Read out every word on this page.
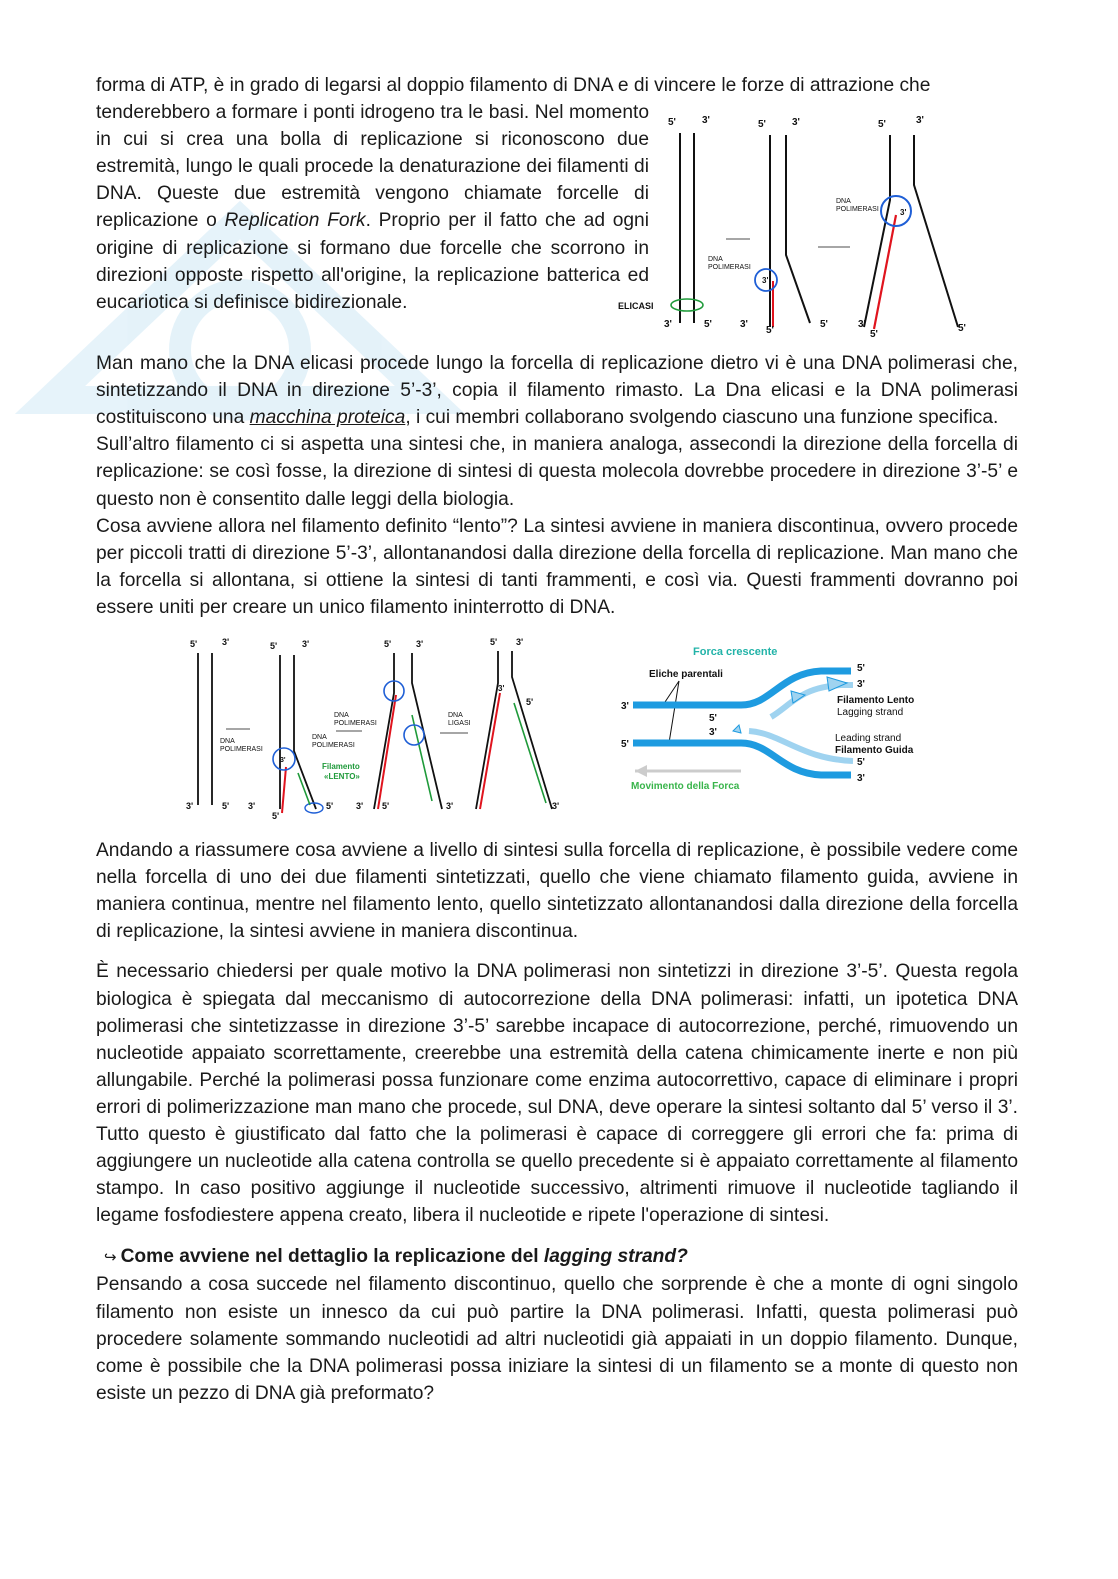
forma di ATP, è in grado di legarsi al doppio filamento di DNA e di vincere le forze di attrazione che

tenderebbero a formare i ponti idrogeno tra le basi. Nel momento in cui si crea una bolla di replicazione si riconoscono due estremità, lungo le quali procede la denaturazione dei filamenti di DNA. Queste due estremità vengono chiamate forcelle di replicazione o Replication Fork. Proprio per il fatto che ad ogni origine di replicazione si formano due forcelle che scorrono in direzioni opposte rispetto all'origine, la replicazione batterica ed eucariotica si definisce bidirezionale.

5'	3'
ELICASI
3'	5'
5'	3'
3'
DNA
POLIMERASI
3'
5'
5'
5'	3'
3'
DNA
POLIMERASI
3'
5'
5'

Man mano che la DNA elicasi procede lungo la forcella di replicazione dietro vi è una DNA polimerasi che, sintetizzando il DNA in direzione 5’-3’, copia il filamento rimasto. La Dna elicasi e la DNA polimerasi costituiscono una macchina proteica, i cui membri collaborano svolgendo ciascuno una funzione specifica.

Sull’altro filamento ci si aspetta una sintesi che, in maniera analoga, assecondi la direzione della forcella di replicazione: se così fosse, la direzione di sintesi di questa molecola dovrebbe procedere in direzione 3’-5’ e questo non è consentito dalle leggi della biologia.

Cosa avviene allora nel filamento definito “lento”? La sintesi avviene in maniera discontinua, ovvero procede per piccoli tratti di direzione 5’-3’, allontanandosi dalla direzione della forcella di replicazione. Man mano che la forcella si allontana, si ottiene la sintesi di tanti frammenti, e così via. Questi frammenti dovranno poi essere uniti per creare un unico filamento ininterrotto di DNA.

5'	3'
3'	5'
DNA
POLIMERASI
5'	3'
3'
DNA
POLIMERASI
Filamento
«LENTO»
3'
5'
5'
DNA
POLIMERASI
5'	3'
3' 5'	3'
DNA
LIGASI
5' 3'
3'
5'
3'
Forca crescente
Eliche parentali
3'
5'
5'
3'
5'
3'
5'
3'
Filamento Lento
Lagging strand
Leading strand
Filamento Guida
Movimento della Forca

Andando a riassumere cosa avviene a livello di sintesi sulla forcella di replicazione, è possibile vedere come nella forcella di uno dei due filamenti sintetizzati, quello che viene chiamato filamento guida, avviene in maniera continua, mentre nel filamento lento, quello sintetizzato allontanandosi dalla direzione della forcella di replicazione, la sintesi avviene in maniera discontinua.

È necessario chiedersi per quale motivo la DNA polimerasi non sintetizzi in direzione 3’-5’. Questa regola biologica è spiegata dal meccanismo di autocorrezione della DNA polimerasi: infatti, un ipotetica DNA polimerasi che sintetizzasse in direzione 3’-5’ sarebbe incapace di autocorrezione, perché, rimuovendo un nucleotide appaiato scorrettamente, creerebbe una estremità della catena chimicamente inerte e non più allungabile. Perché la polimerasi possa funzionare come enzima autocorrettivo, capace di eliminare i propri errori di polimerizzazione man mano che procede, sul DNA, deve operare la sintesi soltanto dal 5’ verso il 3’. Tutto questo è giustificato dal fatto che la polimerasi è capace di correggere gli errori che fa: prima di aggiungere un nucleotide alla catena controlla se quello precedente si è appaiato correttamente al filamento stampo. In caso positivo aggiunge il nucleotide successivo, altrimenti rimuove il nucleotide tagliando il legame fosfodiestere appena creato, libera il nucleotide e ripete l'operazione di sintesi.

↪ Come avviene nel dettaglio la replicazione del lagging strand?

Pensando a cosa succede nel filamento discontinuo, quello che sorprende è che a monte di ogni singolo filamento non esiste un innesco da cui può partire la DNA polimerasi. Infatti, questa polimerasi può procedere solamente sommando nucleotidi ad altri nucleotidi già appaiati in un doppio filamento. Dunque, come è possibile che la DNA polimerasi possa iniziare la sintesi di un filamento se a monte di questo non esiste un pezzo di DNA già preformato?
